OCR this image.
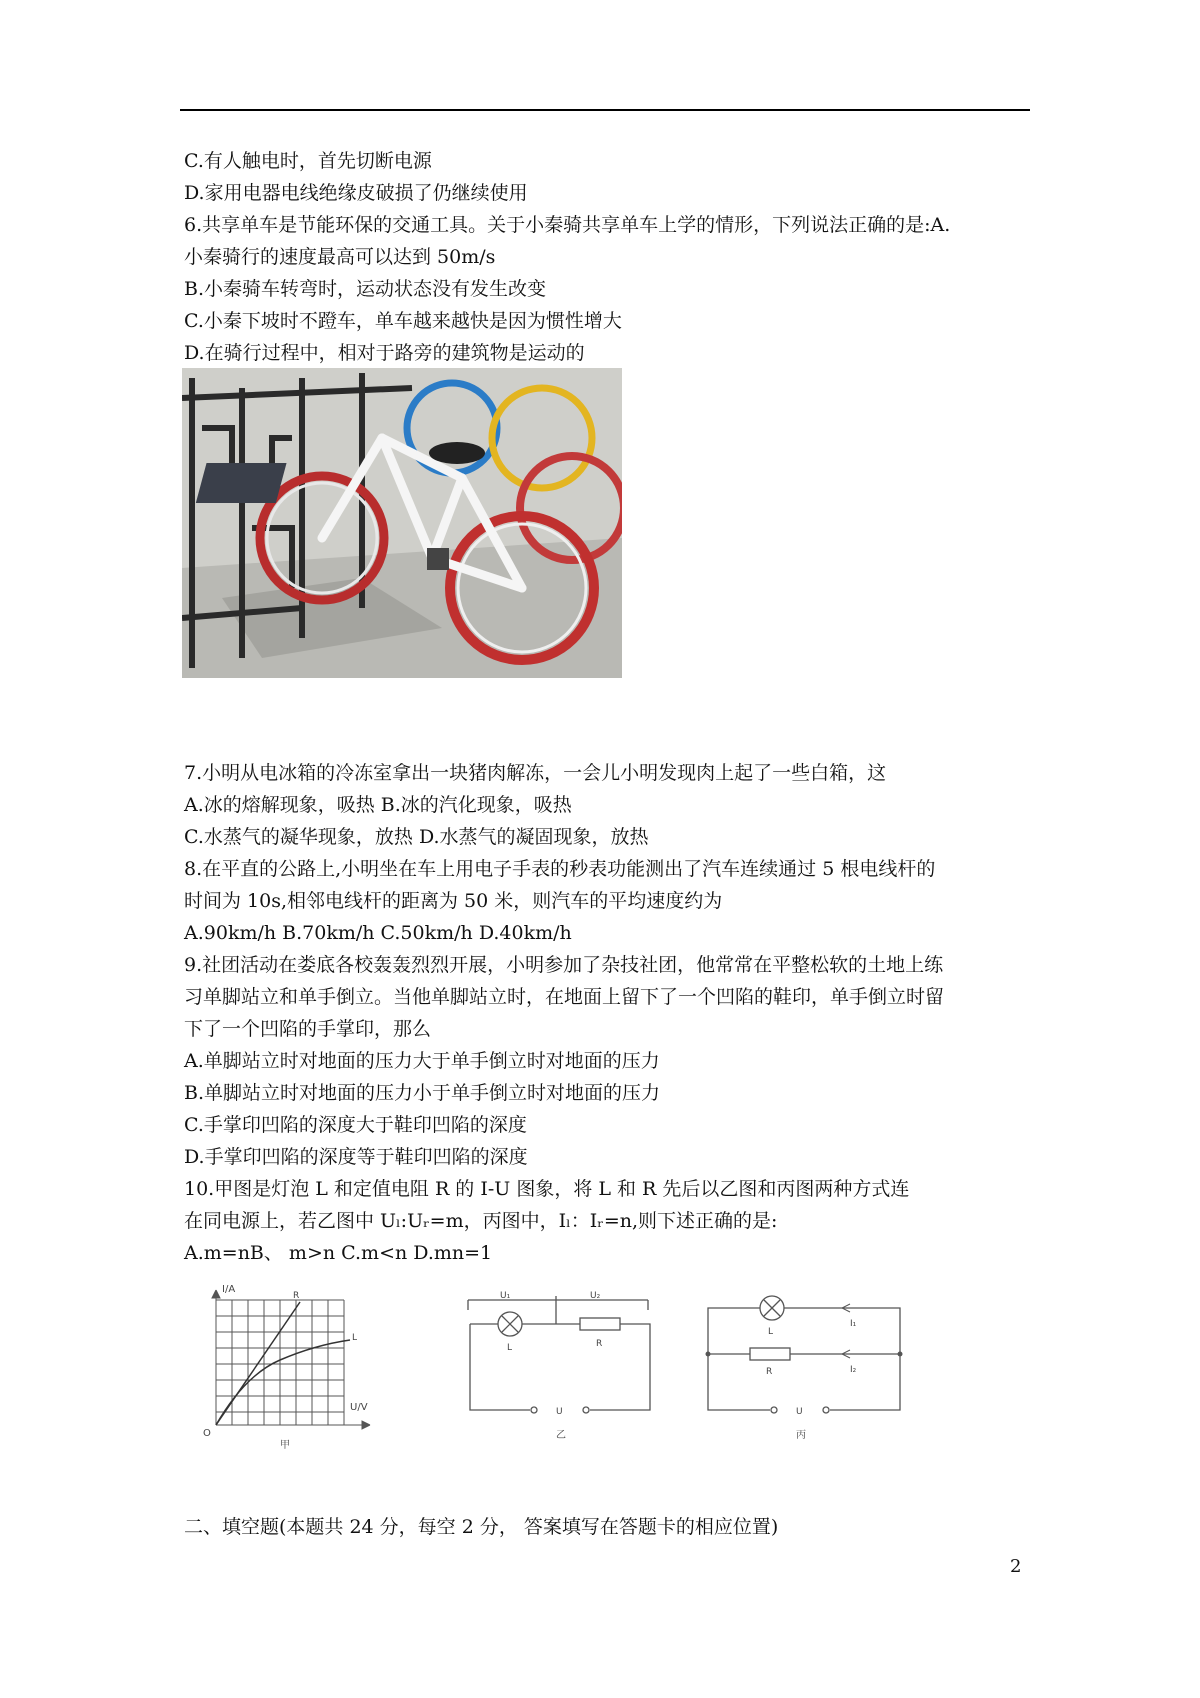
C.有人触电时，首先切断电源
D.家用电器电线绝缘皮破损了仍继续使用
6.共享单车是节能环保的交通工具。关于小秦骑共享单车上学的情形，下列说法正确的是:A.
小秦骑行的速度最高可以达到 50m/s
B.小秦骑车转弯时，运动状态没有发生改变
C.小秦下坡时不蹬车，单车越来越快是因为惯性增大
D.在骑行过程中，相对于路旁的建筑物是运动的
7.小明从电冰箱的冷冻室拿出一块猪肉解冻，一会儿小明发现肉上起了一些白箱，这
A.冰的熔解现象，吸热 B.冰的汽化现象，吸热
C.水蒸气的凝华现象，放热 D.水蒸气的凝固现象，放热
8.在平直的公路上,小明坐在车上用电子手表的秒表功能测出了汽车连续通过 5 根电线杆的
时间为 10s,相邻电线杆的距离为 50 米，则汽车的平均速度约为
A.90km/h B.70km/h C.50km/h D.40km/h
9.社团活动在娄底各校轰轰烈烈开展，小明参加了杂技社团，他常常在平整松软的土地上练
习单脚站立和单手倒立。当他单脚站立时，在地面上留下了一个凹陷的鞋印，单手倒立时留
下了一个凹陷的手掌印，那么
A.单脚站立时对地面的压力大于单手倒立时对地面的压力
B.单脚站立时对地面的压力小于单手倒立时对地面的压力
C.手掌印凹陷的深度大于鞋印凹陷的深度
D.手掌印凹陷的深度等于鞋印凹陷的深度
10.甲图是灯泡 L 和定值电阻 R 的 I-U 图象，将 L 和 R 先后以乙图和丙图两种方式连
在同电源上，若乙图中 Uₗ:Uᵣ=m，丙图中，Iₗ：Iᵣ=n,则下述正确的是:
A.m=nB、 m>n C.m<n D.mn=1
I/A
U/V
O
R
L
甲
U₁	U₂
L	R
U
乙
L
R
I₁
I₂
U
丙
二、填空题(本题共 24 分，每空 2 分， 答案填写在答题卡的相应位置)
2
